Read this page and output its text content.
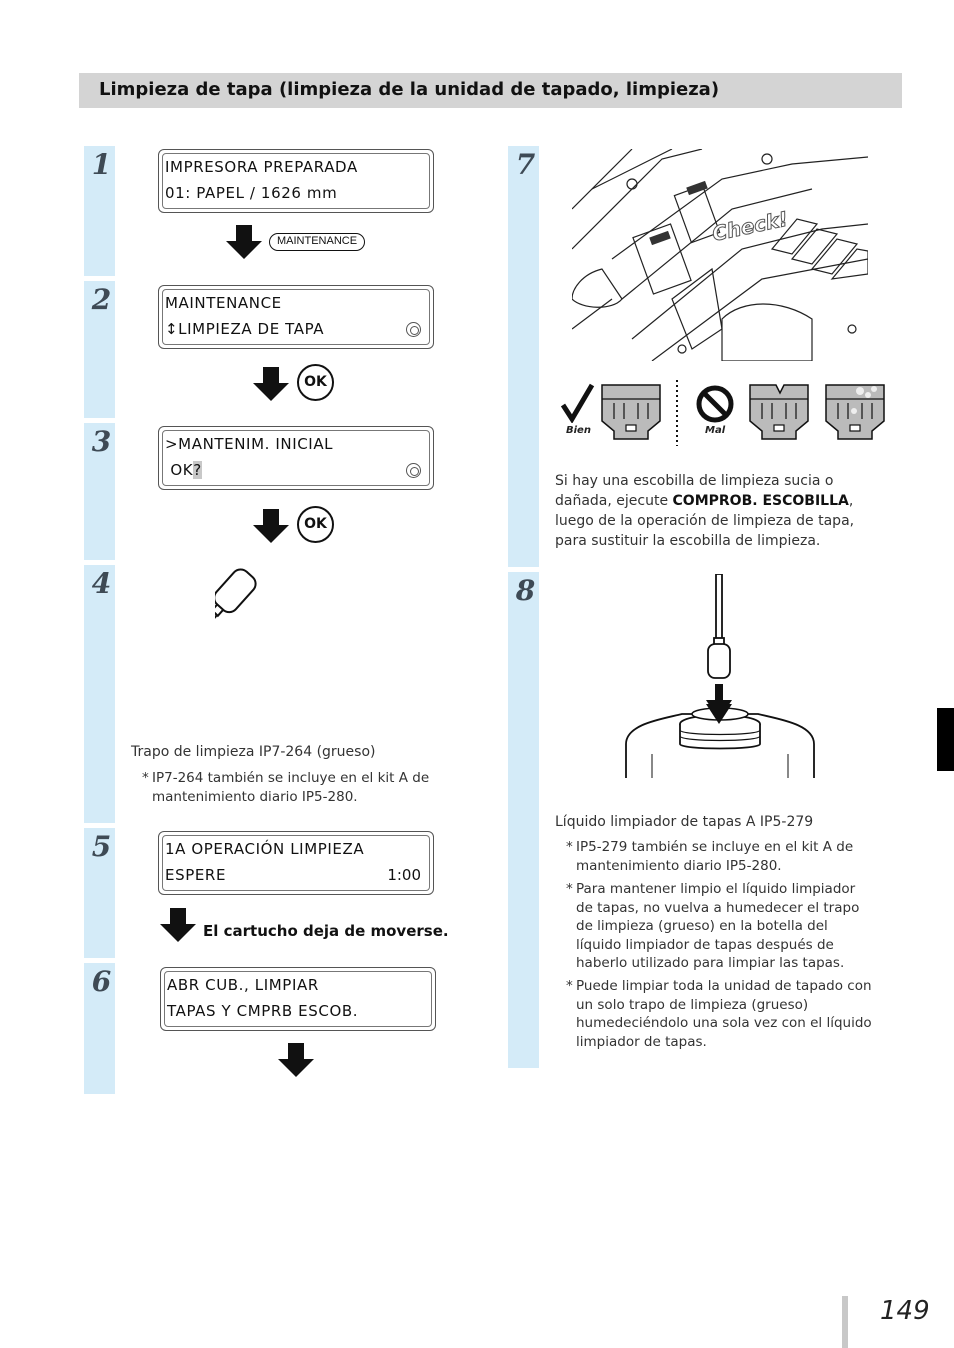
Limpieza de tapa (limpieza de la unidad de tapado, limpieza)
1
2
3
4
5
6
7
8
IMPRESORA PREPARADA
01: PAPEL / 1626 mm
MAINTENANCE
MAINTENANCE
↕LIMPIEZA DE TAPA
OK
>MANTENIM. INICIAL
OK?
OK
Trapo de limpieza IP7-264 (grueso)
* IP7-264 también se incluye en el kit A de mantenimiento diario IP5-280.
1A OPERACIÓN LIMPIEZA
ESPERE	1:00
El cartucho deja de moverse.
ABR CUB., LIMPIAR
TAPAS Y CMPRB ESCOB.
Check!
Bien	Mal
Si hay una escobilla de limpieza sucia o dañada, ejecute COMPROB. ESCOBILLA, luego de la operación de limpieza de tapa, para sustituir la escobilla de limpieza.
Líquido limpiador de tapas A IP5-279
* IP5-279 también se incluye en el kit A de mantenimiento diario IP5-280.
* Para mantener limpio el líquido limpiador de tapas, no vuelva a humedecer el trapo de limpieza (grueso) en la botella del líquido limpiador de tapas después de haberlo utilizado para limpiar las tapas.
* Puede limpiar toda la unidad de tapado con un solo trapo de limpieza (grueso) humedeciéndolo una sola vez con el líquido limpiador de tapas.
149
